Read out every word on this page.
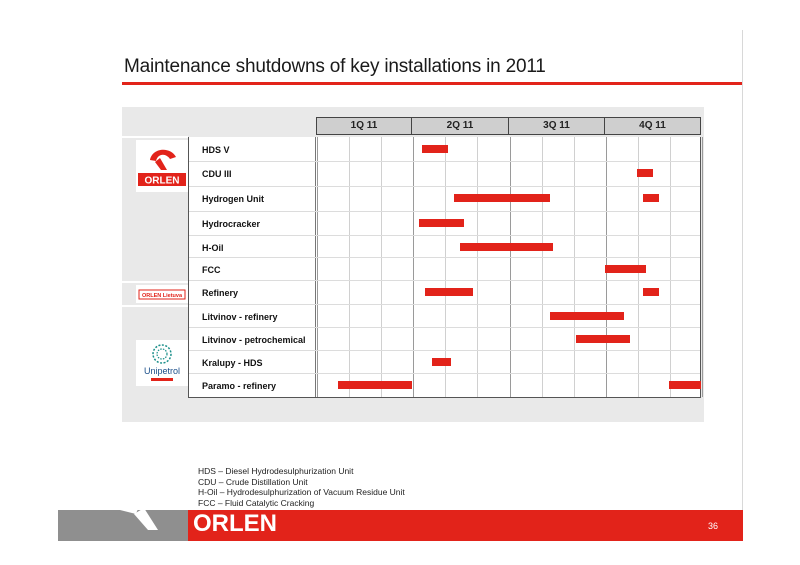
Maintenance shutdowns of key installations in 2011
1Q 11	2Q 11	3Q 11	4Q 11
ORLEN
ORLEN Lietuva
Unipetrol
HDS V
CDU III
Hydrogen Unit
Hydrocracker
H-Oil
FCC
Refinery
Litvinov - refinery
Litvinov - petrochemical
Kralupy - HDS
Paramo - refinery
HDS – Diesel Hydrodesulphurization Unit
CDU – Crude Distillation Unit
H-Oil – Hydrodesulphurization of Vacuum Residue Unit
FCC – Fluid Catalytic Cracking
ORLEN	36
